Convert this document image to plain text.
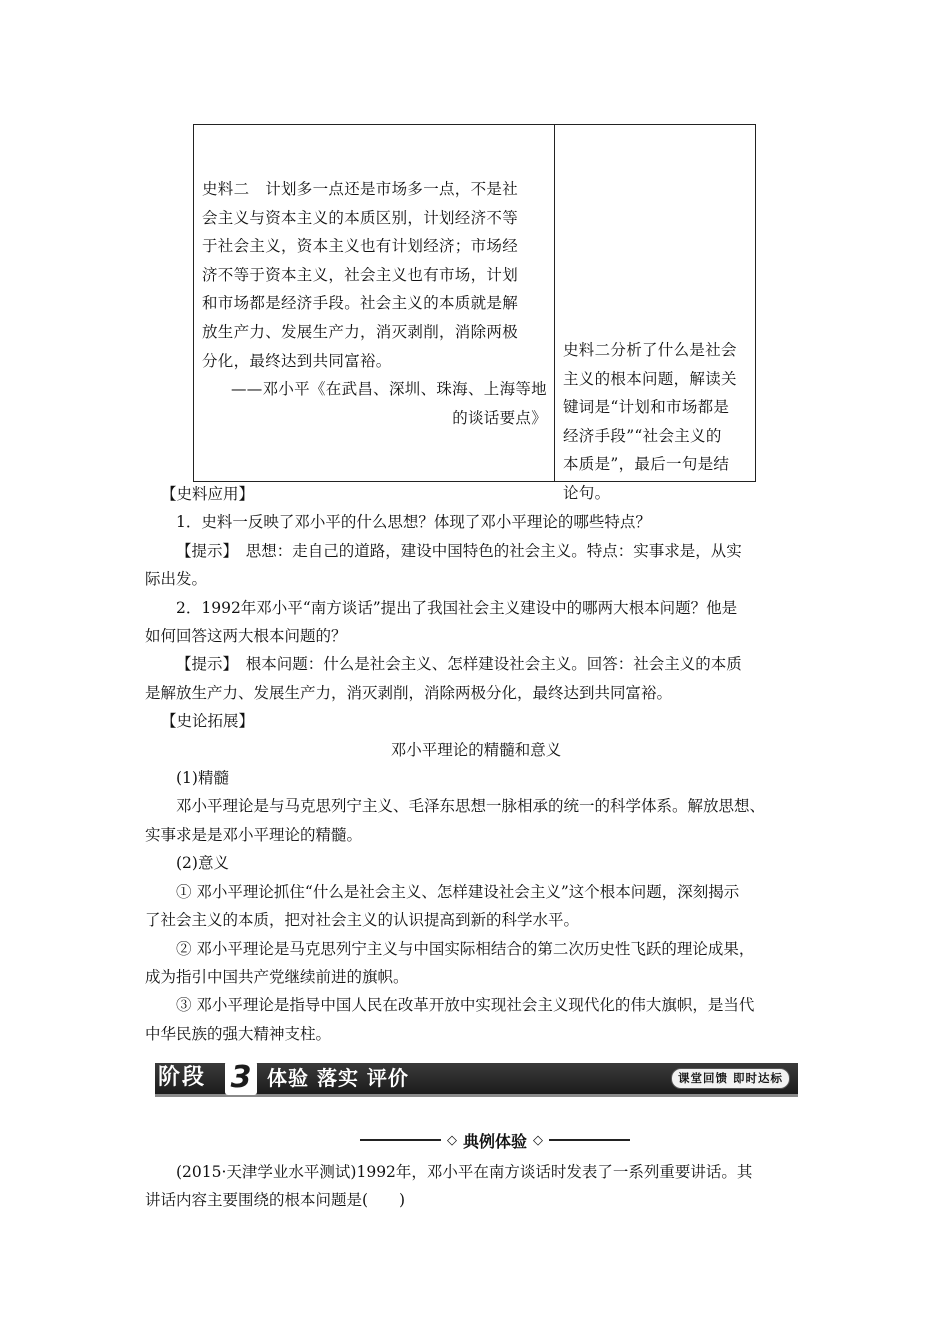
史料二　计划多一点还是市场多一点，不是社

会主义与资本主义的本质区别，计划经济不等

于社会主义，资本主义也有计划经济；市场经

济不等于资本主义，社会主义也有市场，计划

和市场都是经济手段。社会主义的本质就是解

放生产力、发展生产力，消灭剥削，消除两极

分化，最终达到共同富裕。

——邓小平《在武昌、深圳、珠海、上海等地

的谈话要点》

史料二分析了什么是社会

主义的根本问题，解读关

键词是“计划和市场都是

经济手段”“社会主义的

本质是”，最后一句是结

论句。

【史料应用】

1．史料一反映了邓小平的什么思想？体现了邓小平理论的哪些特点？

【提示】　思想：走自己的道路，建设中国特色的社会主义。特点：实事求是，从实

际出发。

2．1992年邓小平“南方谈话”提出了我国社会主义建设中的哪两大根本问题？他是

如何回答这两大根本问题的？

【提示】　根本问题：什么是社会主义、怎样建设社会主义。回答：社会主义的本质

是解放生产力、发展生产力，消灭剥削，消除两极分化，最终达到共同富裕。

【史论拓展】

邓小平理论的精髓和意义

(1)精髓

邓小平理论是与马克思列宁主义、毛泽东思想一脉相承的统一的科学体系。解放思想、

实事求是是邓小平理论的精髓。

(2)意义

① 邓小平理论抓住“什么是社会主义、怎样建设社会主义”这个根本问题，深刻揭示

了社会主义的本质，把对社会主义的认识提高到新的科学水平。

② 邓小平理论是马克思列宁主义与中国实际相结合的第二次历史性飞跃的理论成果，

成为指引中国共产党继续前进的旗帜。

③ 邓小平理论是指导中国人民在改革开放中实现社会主义现代化的伟大旗帜，是当代

中华民族的强大精神支柱。

阶段 3 体验 落实 评价	课堂回馈 即时达标
◇ 典例体验 ◇

(2015·天津学业水平测试)1992年，邓小平在南方谈话时发表了一系列重要讲话。其

讲话内容主要围绕的根本问题是(　　)
